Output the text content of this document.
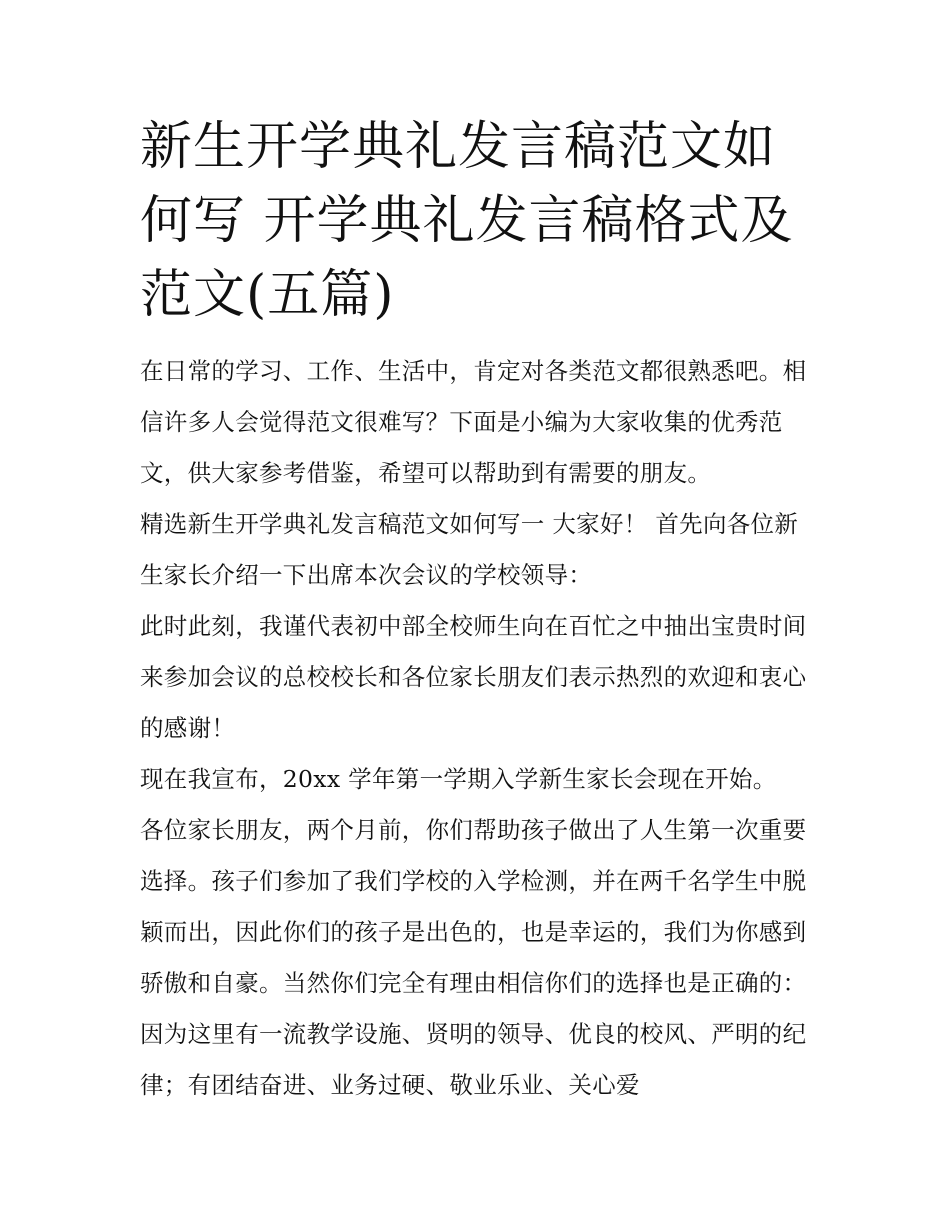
新生开学典礼发言稿范文如何写 开学典礼发言稿格式及范文(五篇)

在日常的学习、工作、生活中，肯定对各类范文都很熟悉吧。相信许多人会觉得范文很难写？下面是小编为大家收集的优秀范文，供大家参考借鉴，希望可以帮助到有需要的朋友。

精选新生开学典礼发言稿范文如何写一 大家好！ 首先向各位新生家长介绍一下出席本次会议的学校领导：

此时此刻，我谨代表初中部全校师生向在百忙之中抽出宝贵时间来参加会议的总校校长和各位家长朋友们表示热烈的欢迎和衷心的感谢！

现在我宣布，20xx 学年第一学期入学新生家长会现在开始。

各位家长朋友，两个月前，你们帮助孩子做出了人生第一次重要选择。孩子们参加了我们学校的入学检测，并在两千名学生中脱颖而出，因此你们的孩子是出色的，也是幸运的，我们为你感到骄傲和自豪。当然你们完全有理由相信你们的选择也是正确的：因为这里有一流教学设施、贤明的领导、优良的校风、严明的纪律；有团结奋进、业务过硬、敬业乐业、关心爱
